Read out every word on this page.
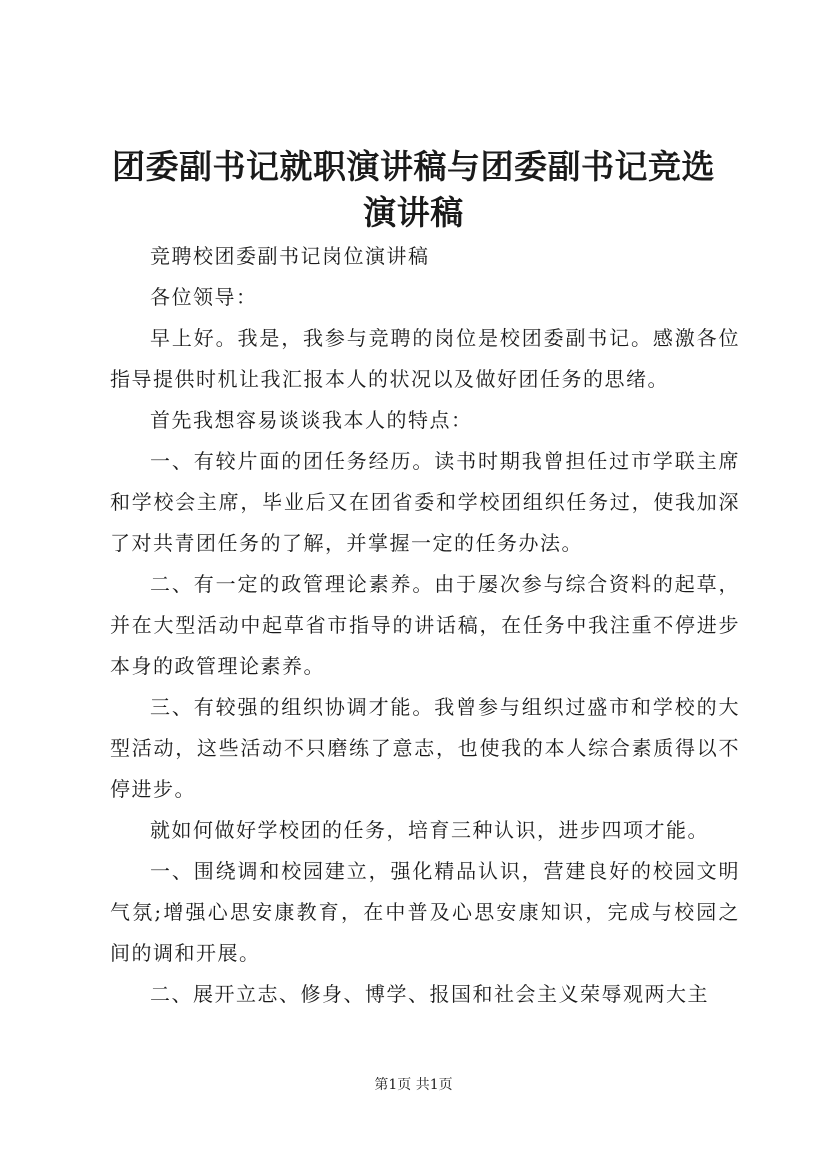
团委副书记就职演讲稿与团委副书记竞选演讲稿

竞聘校团委副书记岗位演讲稿

各位领导：

早上好。我是，我参与竞聘的岗位是校团委副书记。感激各位指导提供时机让我汇报本人的状况以及做好团任务的思绪。

首先我想容易谈谈我本人的特点：

一、有较片面的团任务经历。读书时期我曾担任过市学联主席和学校会主席，毕业后又在团省委和学校团组织任务过，使我加深了对共青团任务的了解，并掌握一定的任务办法。

二、有一定的政管理论素养。由于屡次参与综合资料的起草，并在大型活动中起草省市指导的讲话稿，在任务中我注重不停进步本身的政管理论素养。

三、有较强的组织协调才能。我曾参与组织过盛市和学校的大型活动，这些活动不只磨练了意志，也使我的本人综合素质得以不停进步。

就如何做好学校团的任务，培育三种认识，进步四项才能。

一、围绕调和校园建立，强化精品认识，营建良好的校园文明气氛;增强心思安康教育，在中普及心思安康知识，完成与校园之间的调和开展。

二、展开立志、修身、博学、报国和社会主义荣辱观两大主

第1页 共1页
